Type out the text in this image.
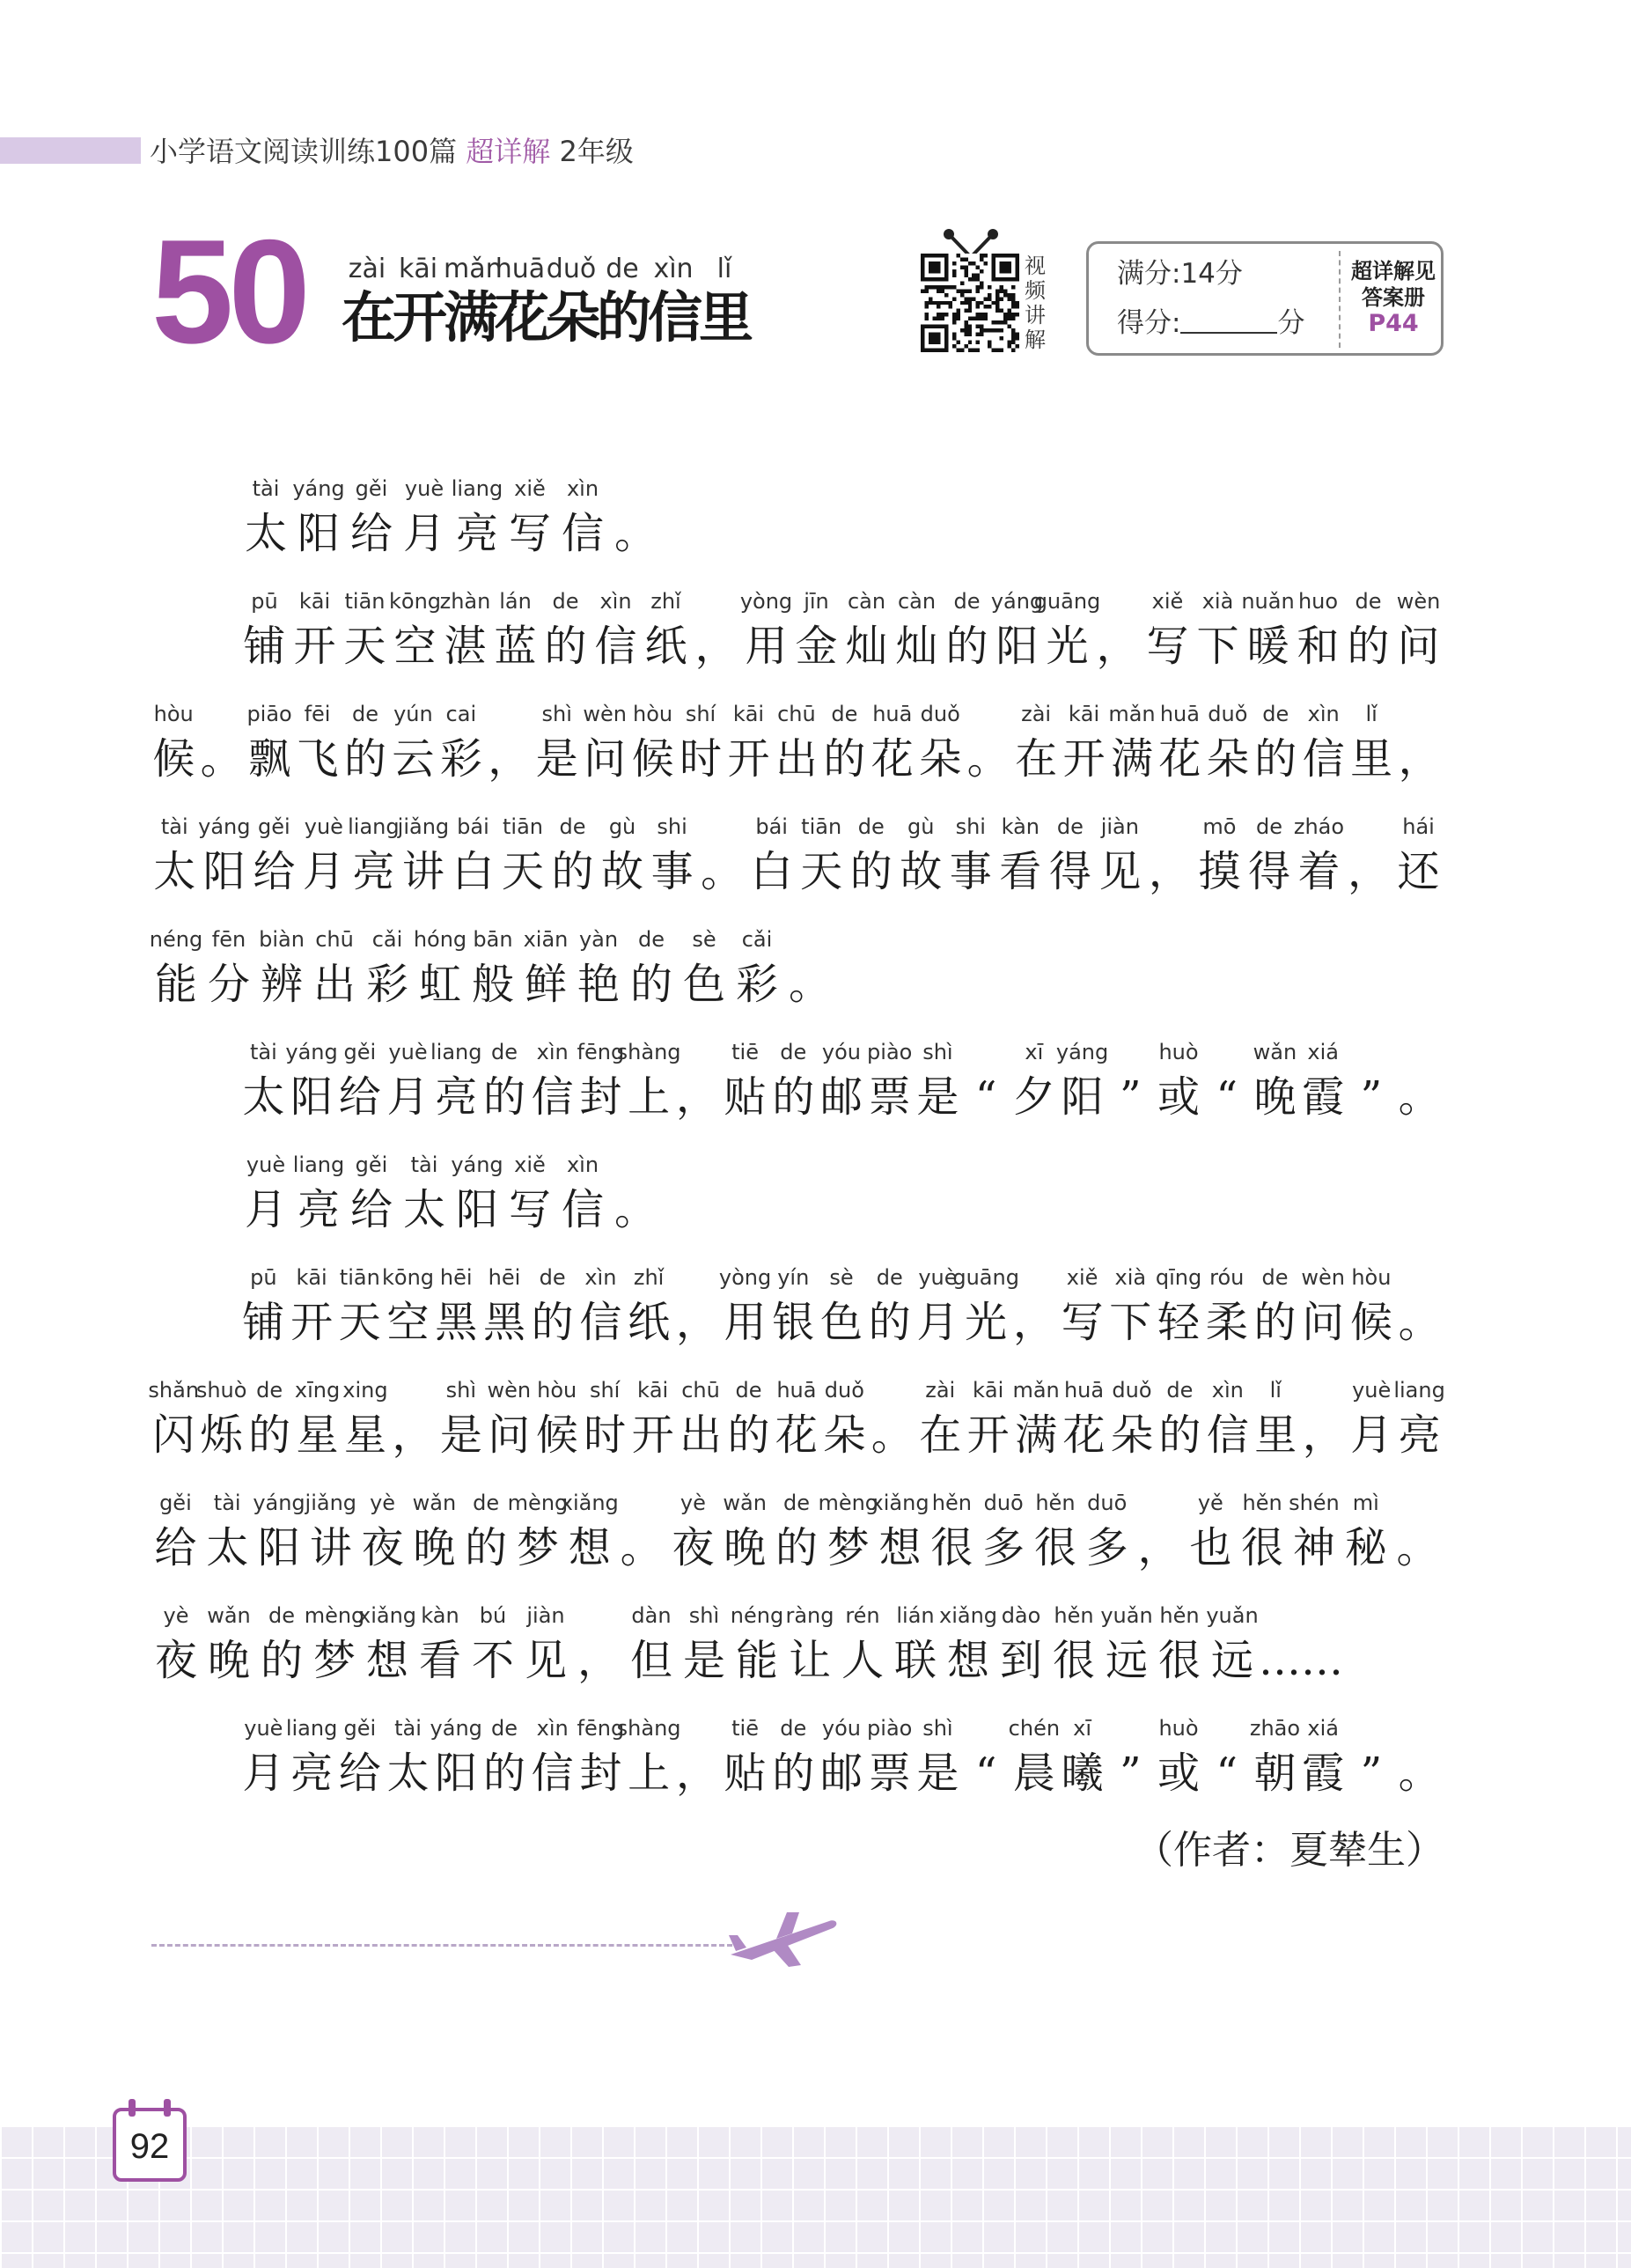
小学语文阅读训练100篇 超详解 2年级
50 zài kāi mǎn
huā duǒ de xìn lǐ
在
开
满
花
朵
的
信
里
视
频
讲
解
满分:14分
得分:	分
超详解见
答案册
P44
tài
太
yáng
阳
gěi
给
yuè
月
liang
亮
xiě
写
xìn
信 。
pū
铺
kāi
开
tiān
天
kōng
空
zhàn
湛
lán
蓝
de
的
xìn
信
zhǐ
纸 ，
yòng
用
jīn
金
càn
灿
càn
灿
de
的
yáng
阳
guāng
光 ，
xiě
写
xià
下
nuǎn
暖
huo
和
de
的
wèn
问
hòu
候 。
piāo
飘
fēi
飞
de
的
yún
云
cai
彩 ，
shì
是
wèn
问
hòu
候
shí
时
kāi
开
chū
出
de
的
huā
花
duǒ
朵 。
zài
在
kāi
开
mǎn
满
huā
花
duǒ
朵
de
的
xìn
信
lǐ
里 ，
tài
太
yáng
阳
gěi
给
yuè
月
liang
亮
jiǎng
讲
bái
白
tiān
天
de
的
gù
故
shi
事 。
bái
白
tiān
天
de
的
gù
故
shi
事
kàn
看
de
得
jiàn
见 ，
mō
摸
de
得
zháo
着 ，
hái
还
néng
能
fēn
分
biàn
辨
chū
出
cǎi
彩
hóng
虹
bān
般
xiān
鲜
yàn
艳
de
的
sè
色
cǎi
彩 。
tài
太
yáng
阳
gěi
给
yuè
月
liang
亮
de
的
xìn
信
fēng
封
shàng
上 ，
tiē
贴
de
的
yóu
邮
piào
票
shì
是 “
xī
夕
yáng
阳 ”
huò
或 “
wǎn
晚
xiá
霞 ” 。
yuè
月
liang
亮
gěi
给
tài
太
yáng
阳
xiě
写
xìn
信 。
pū
铺
kāi
开
tiān
天
kōng
空
hēi
黑
hēi
黑
de
的
xìn
信
zhǐ
纸 ，
yòng
用
yín
银
sè
色
de
的
yuè
月
guāng
光 ，
xiě
写
xià
下
qīng
轻
róu
柔
de
的
wèn
问
hòu
候 。
shǎn
闪
shuò
烁
de
的
xīng
星
xing
星 ，
shì
是
wèn
问
hòu
候
shí
时
kāi
开
chū
出
de
的
huā
花
duǒ
朵 。
zài
在
kāi
开
mǎn
满
huā
花
duǒ
朵
de
的
xìn
信
lǐ
里 ，
yuè
月
liang
亮
gěi
给
tài
太
yáng
阳
jiǎng
讲
yè
夜
wǎn
晚
de
的
mèng
梦
xiǎng
想 。
yè
夜
wǎn
晚
de
的
mèng
梦
xiǎng
想
hěn
很
duō
多
hěn
很
duō
多 ，
yě
也
hěn
很
shén
神
mì
秘 。
yè
夜
wǎn
晚
de
的
mèng
梦
xiǎng
想
kàn
看
bú
不
jiàn
见 ，
dàn
但
shì
是
néng
能
ràng
让
rén
人
lián
联
xiǎng
想
dào
到
hěn
很
yuǎn
远
hěn
很
yuǎn
远 ……
yuè
月
liang
亮
gěi
给
tài
太
yáng
阳
de
的
xìn
信
fēng
封
shàng
上 ，
tiē
贴
de
的
yóu
邮
piào
票
shì
是 “
chén
晨
xī
曦 ”
huò
或 “
zhāo
朝
xiá
霞 ” 。
（作者：夏辇生）
92
